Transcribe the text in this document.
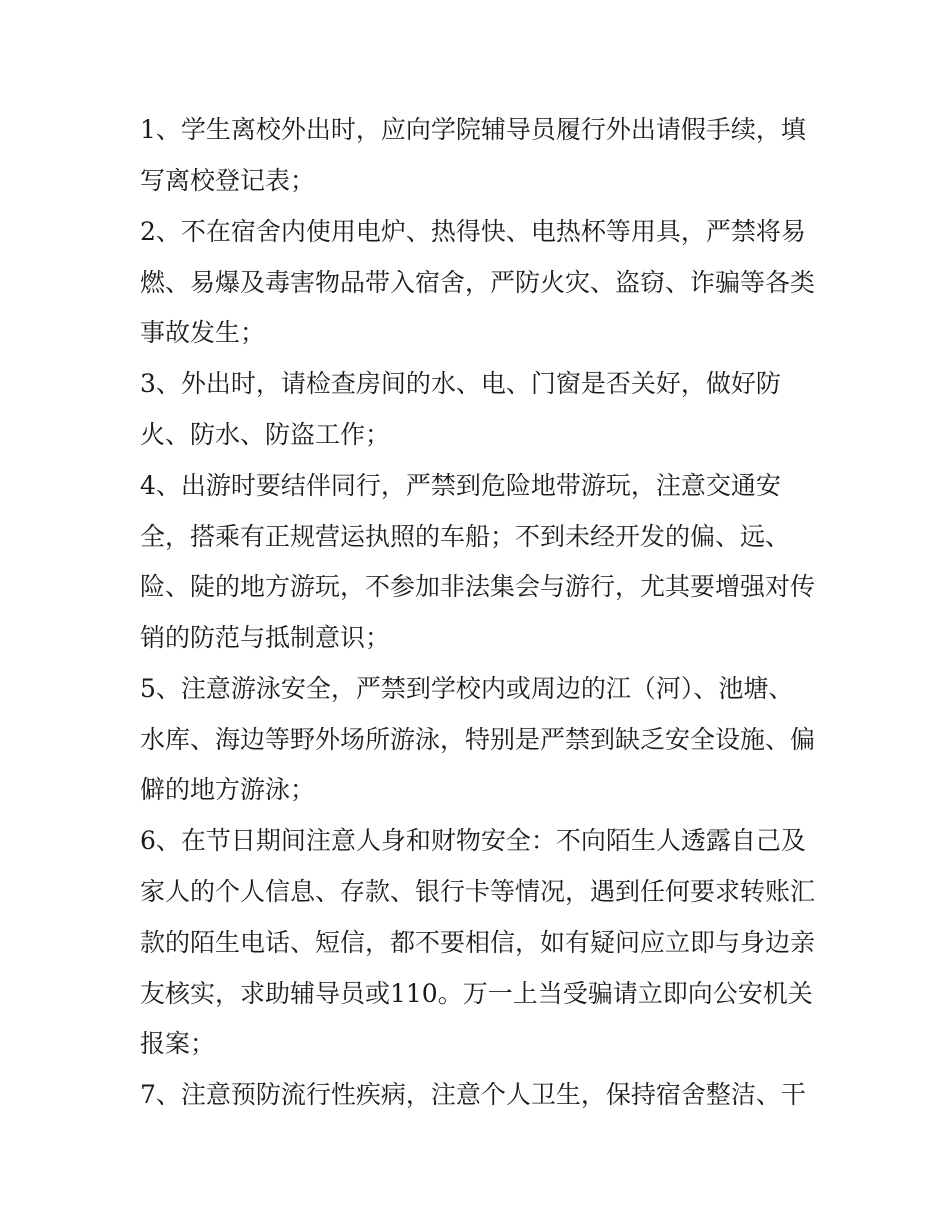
1、学生离校外出时，应向学院辅导员履行外出请假手续，填

写离校登记表；

2、不在宿舍内使用电炉、热得快、电热杯等用具，严禁将易

燃、易爆及毒害物品带入宿舍，严防火灾、盗窃、诈骗等各类

事故发生；

3、外出时，请检查房间的水、电、门窗是否关好，做好防

火、防水、防盗工作；

4、出游时要结伴同行，严禁到危险地带游玩，注意交通安

全，搭乘有正规营运执照的车船；不到未经开发的偏、远、

险、陡的地方游玩，不参加非法集会与游行，尤其要增强对传

销的防范与抵制意识；

5、注意游泳安全，严禁到学校内或周边的江（河）、池塘、

水库、海边等野外场所游泳，特别是严禁到缺乏安全设施、偏

僻的地方游泳；

6、在节日期间注意人身和财物安全：不向陌生人透露自己及

家人的个人信息、存款、银行卡等情况，遇到任何要求转账汇

款的陌生电话、短信，都不要相信，如有疑问应立即与身边亲

友核实，求助辅导员或110。万一上当受骗请立即向公安机关

报案；

7、注意预防流行性疾病，注意个人卫生，保持宿舍整洁、干
